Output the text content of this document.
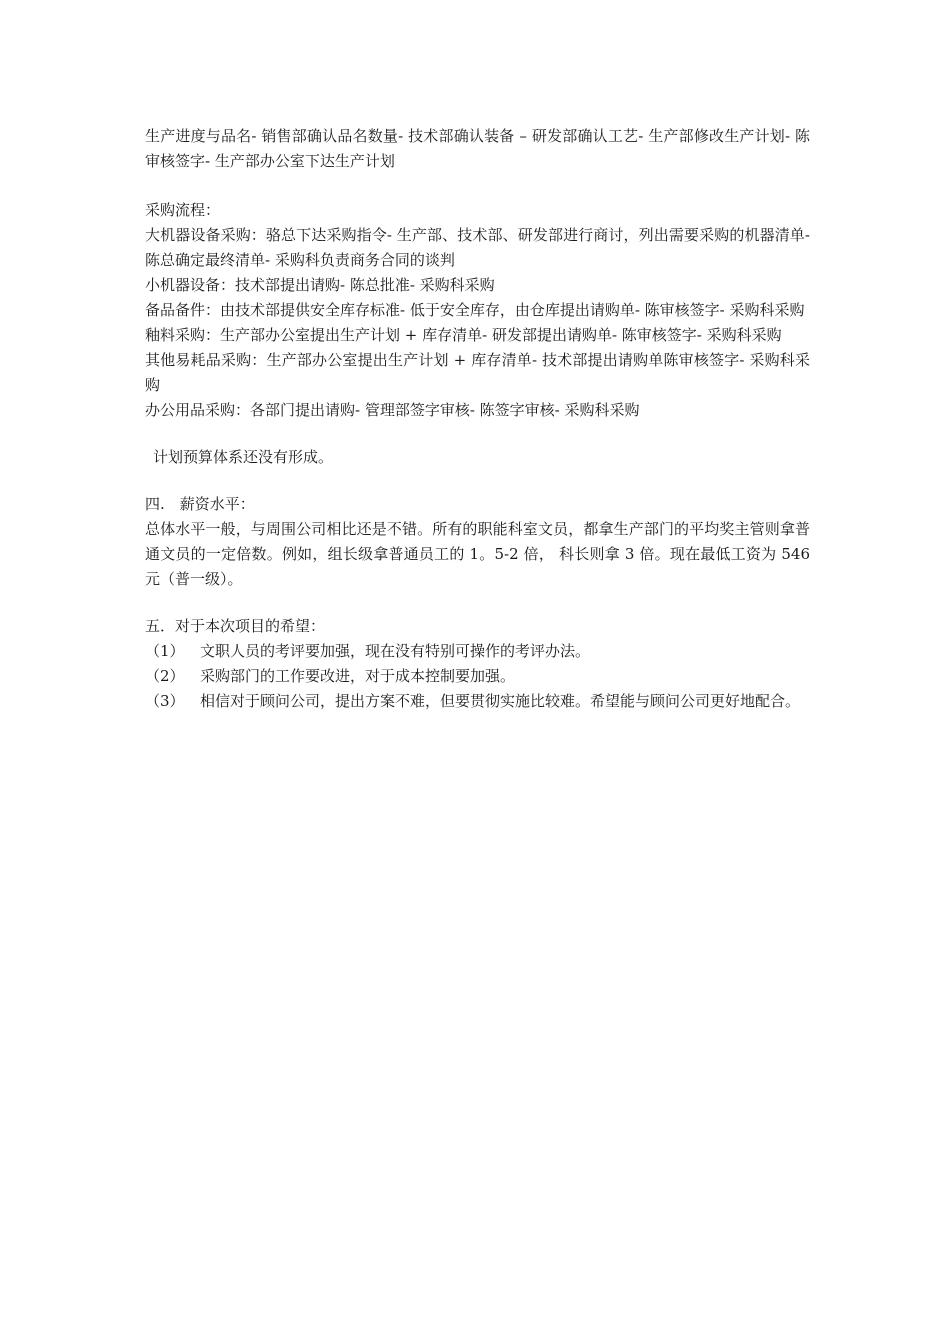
生产进度与品名- 销售部确认品名数量- 技术部确认装备 – 研发部确认工艺- 生产部修改生产计划- 陈审核签字- 生产部办公室下达生产计划

采购流程：

大机器设备采购：骆总下达采购指令- 生产部、技术部、研发部进行商讨，列出需要采购的机器清单- 陈总确定最终清单- 采购科负责商务合同的谈判

小机器设备：技术部提出请购- 陈总批准- 采购科采购

备品备件：由技术部提供安全库存标准- 低于安全库存，由仓库提出请购单- 陈审核签字- 采购科采购

釉料采购：生产部办公室提出生产计划 + 库存清单- 研发部提出请购单- 陈审核签字- 采购科采购

其他易耗品采购：生产部办公室提出生产计划 + 库存清单- 技术部提出请购单陈审核签字- 采购科采购

办公用品采购：各部门提出请购- 管理部签字审核- 陈签字审核- 采购科采购

计划预算体系还没有形成。

四.　薪资水平：

总体水平一般，与周围公司相比还是不错。所有的职能科室文员，都拿生产部门的平均奖主管则拿普通文员的一定倍数。例如，组长级拿普通员工的 1。5-2 倍， 科长则拿 3 倍。现在最低工资为 546 元（普一级）。

五．对于本次项目的希望：

（1）	文职人员的考评要加强，现在没有特别可操作的考评办法。
（2）	采购部门的工作要改进，对于成本控制要加强。
（3）	相信对于顾问公司，提出方案不难，但要贯彻实施比较难。希望能与顾问公司更好地配合。
